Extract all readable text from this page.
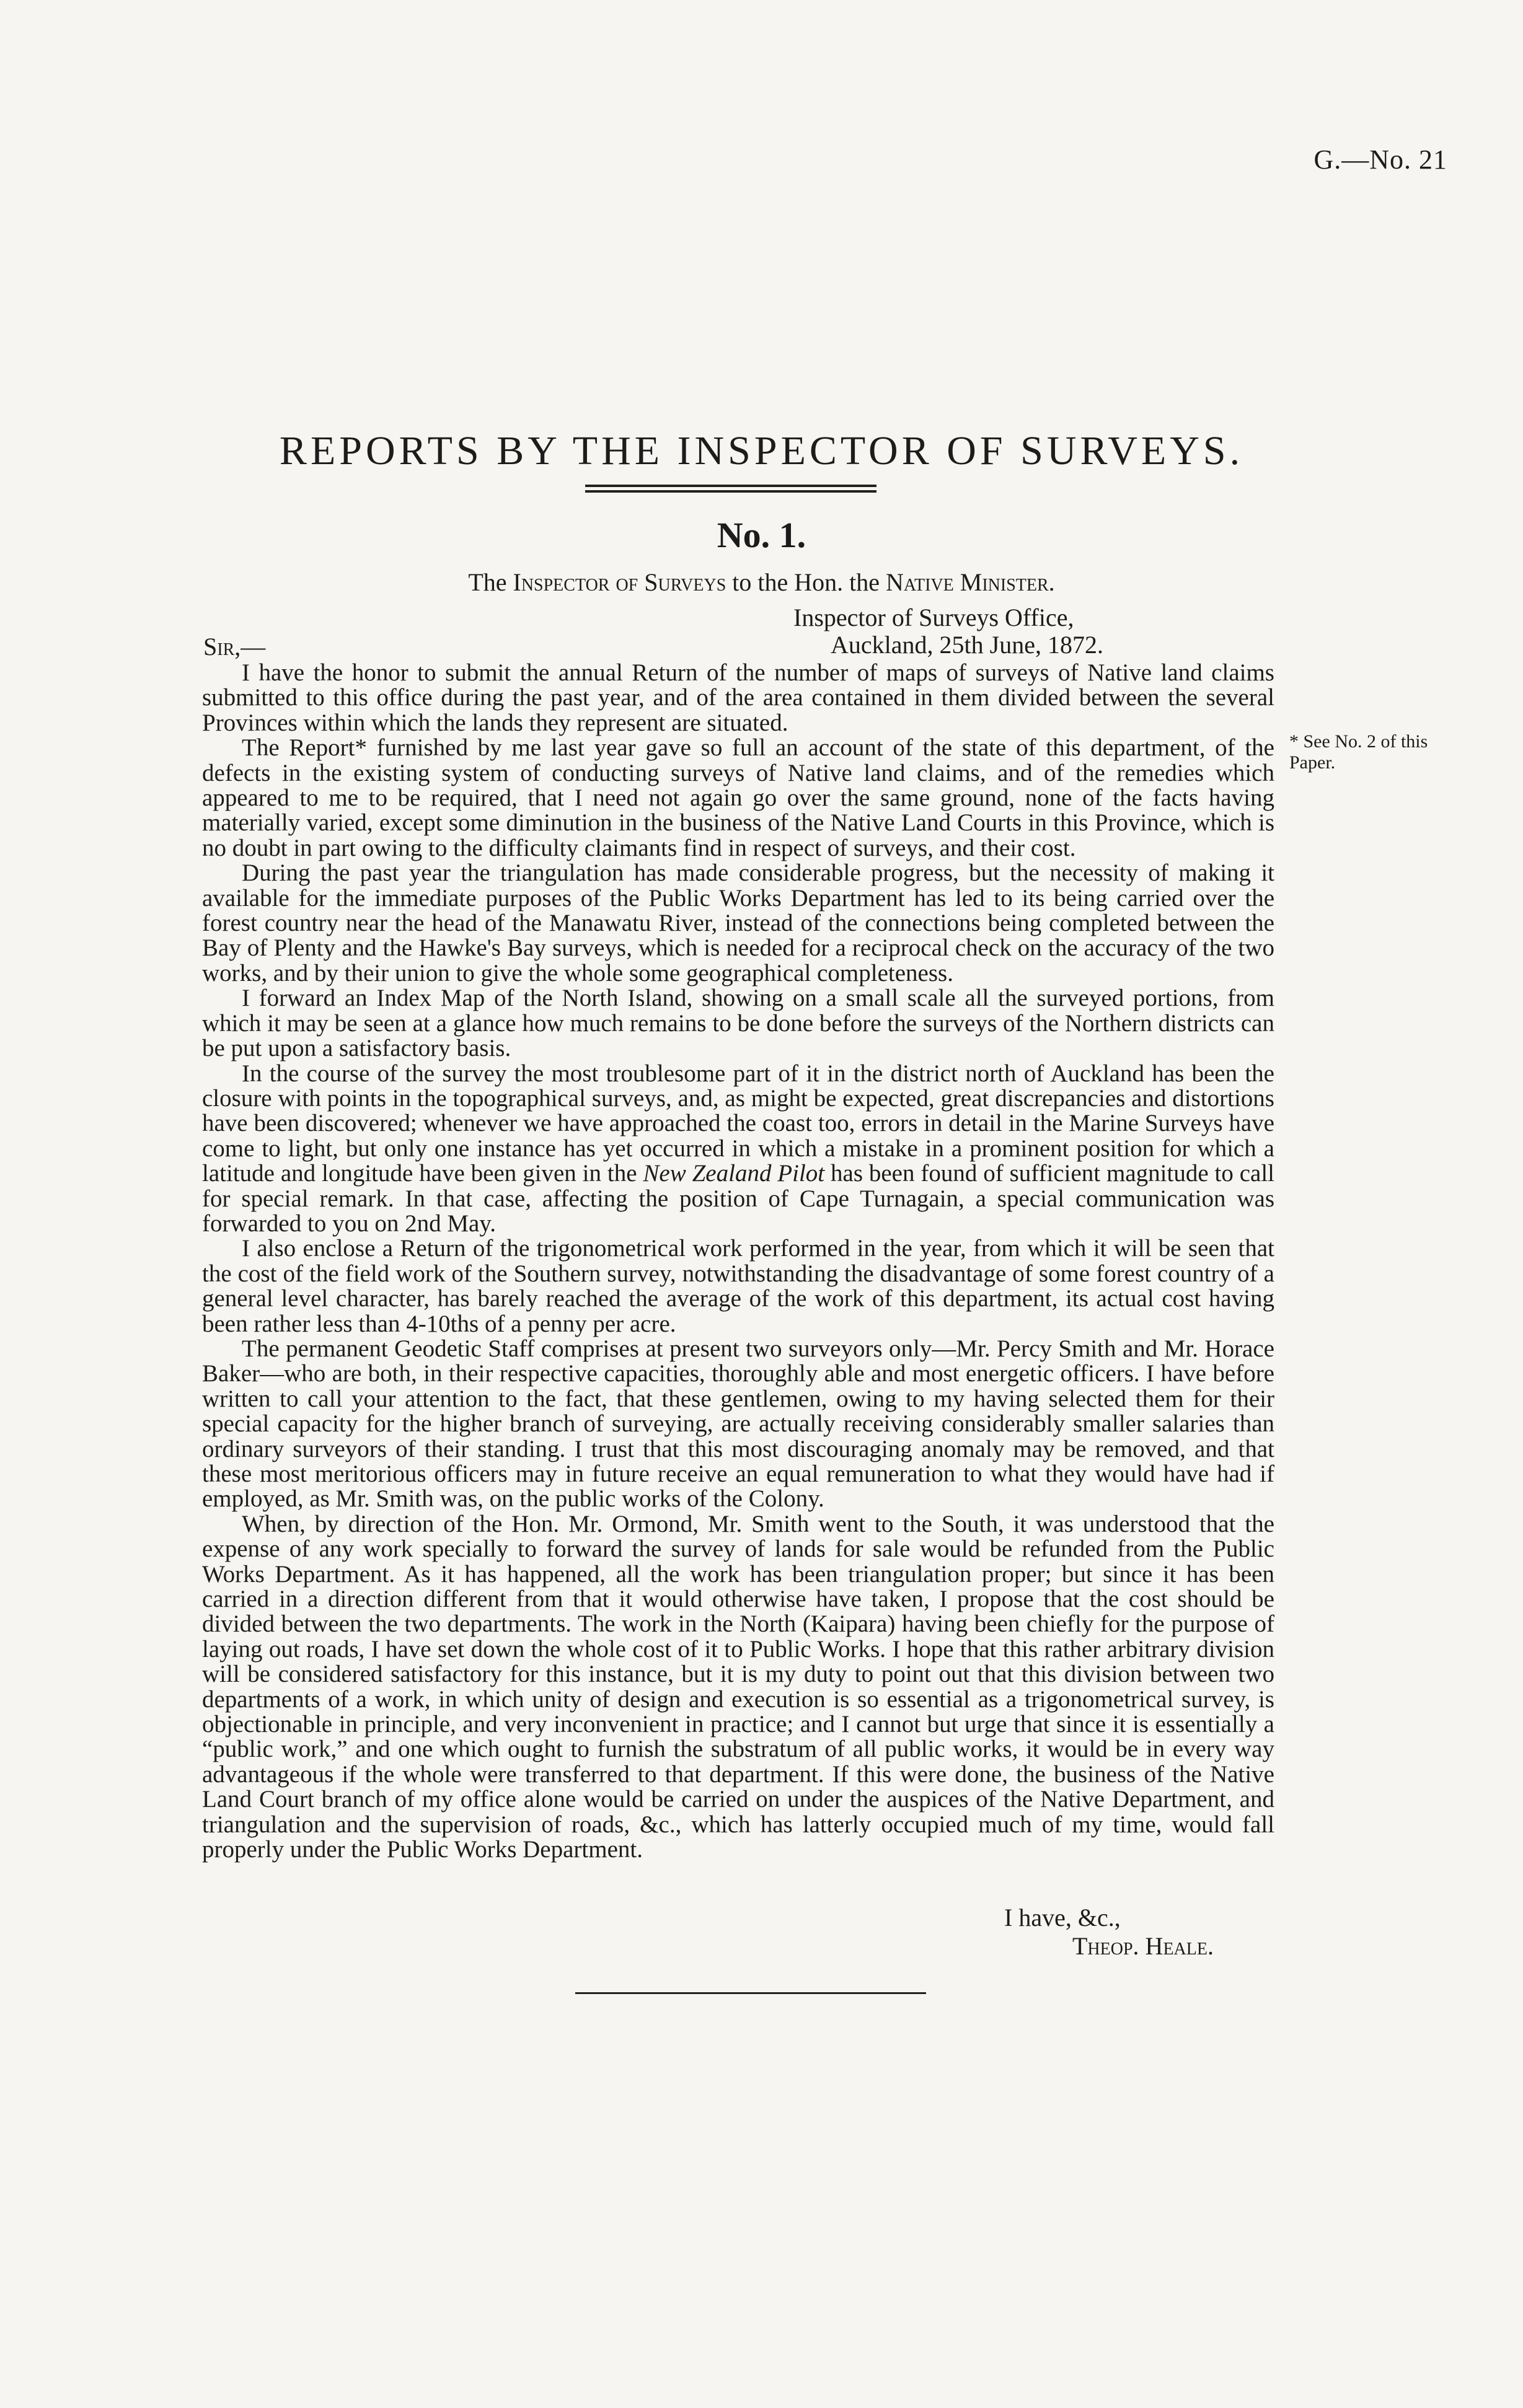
G.—No. 21
REPORTS BY THE INSPECTOR OF SURVEYS.
No. 1.
The Inspector of Surveys to the Hon. the Native Minister.
Inspector of Surveys Office,
Auckland, 25th June, 1872.
Sir,—

I have the honor to submit the annual Return of the number of maps of surveys of Native land claims submitted to this office during the past year, and of the area contained in them divided between the several Provinces within which the lands they represent are situated.

The Report* furnished by me last year gave so full an account of the state of this department, of the defects in the existing system of conducting surveys of Native land claims, and of the remedies which appeared to me to be required, that I need not again go over the same ground, none of the facts having materially varied, except some diminution in the business of the Native Land Courts in this Province, which is no doubt in part owing to the difficulty claimants find in respect of surveys, and their cost.

During the past year the triangulation has made considerable progress, but the necessity of making it available for the immediate purposes of the Public Works Department has led to its being carried over the forest country near the head of the Manawatu River, instead of the connections being completed between the Bay of Plenty and the Hawke's Bay surveys, which is needed for a reciprocal check on the accuracy of the two works, and by their union to give the whole some geographical completeness.

I forward an Index Map of the North Island, showing on a small scale all the surveyed portions, from which it may be seen at a glance how much remains to be done before the surveys of the Northern districts can be put upon a satisfactory basis.

In the course of the survey the most troublesome part of it in the district north of Auckland has been the closure with points in the topographical surveys, and, as might be expected, great discrepancies and distortions have been discovered; whenever we have approached the coast too, errors in detail in the Marine Surveys have come to light, but only one instance has yet occurred in which a mistake in a prominent position for which a latitude and longitude have been given in the New Zealand Pilot has been found of sufficient magnitude to call for special remark. In that case, affecting the position of Cape Turnagain, a special communication was forwarded to you on 2nd May.

I also enclose a Return of the trigonometrical work performed in the year, from which it will be seen that the cost of the field work of the Southern survey, notwithstanding the disadvantage of some forest country of a general level character, has barely reached the average of the work of this department, its actual cost having been rather less than 4-10ths of a penny per acre.

The permanent Geodetic Staff comprises at present two surveyors only—Mr. Percy Smith and Mr. Horace Baker—who are both, in their respective capacities, thoroughly able and most energetic officers. I have before written to call your attention to the fact, that these gentlemen, owing to my having selected them for their special capacity for the higher branch of surveying, are actually receiving considerably smaller salaries than ordinary surveyors of their standing. I trust that this most discouraging anomaly may be removed, and that these most meritorious officers may in future receive an equal remuneration to what they would have had if employed, as Mr. Smith was, on the public works of the Colony.

When, by direction of the Hon. Mr. Ormond, Mr. Smith went to the South, it was understood that the expense of any work specially to forward the survey of lands for sale would be refunded from the Public Works Department. As it has happened, all the work has been triangulation proper; but since it has been carried in a direction different from that it would otherwise have taken, I propose that the cost should be divided between the two departments. The work in the North (Kaipara) having been chiefly for the purpose of laying out roads, I have set down the whole cost of it to Public Works. I hope that this rather arbitrary division will be considered satisfactory for this instance, but it is my duty to point out that this division between two departments of a work, in which unity of design and execution is so essential as a trigonometrical survey, is objectionable in principle, and very inconvenient in practice; and I cannot but urge that since it is essentially a “public work,” and one which ought to furnish the substratum of all public works, it would be in every way advantageous if the whole were transferred to that department. If this were done, the business of the Native Land Court branch of my office alone would be carried on under the auspices of the Native Department, and triangulation and the supervision of roads, &c., which has latterly occupied much of my time, would fall properly under the Public Works Department.

* See No. 2 of this Paper.
I have, &c.,
Theop. Heale.
